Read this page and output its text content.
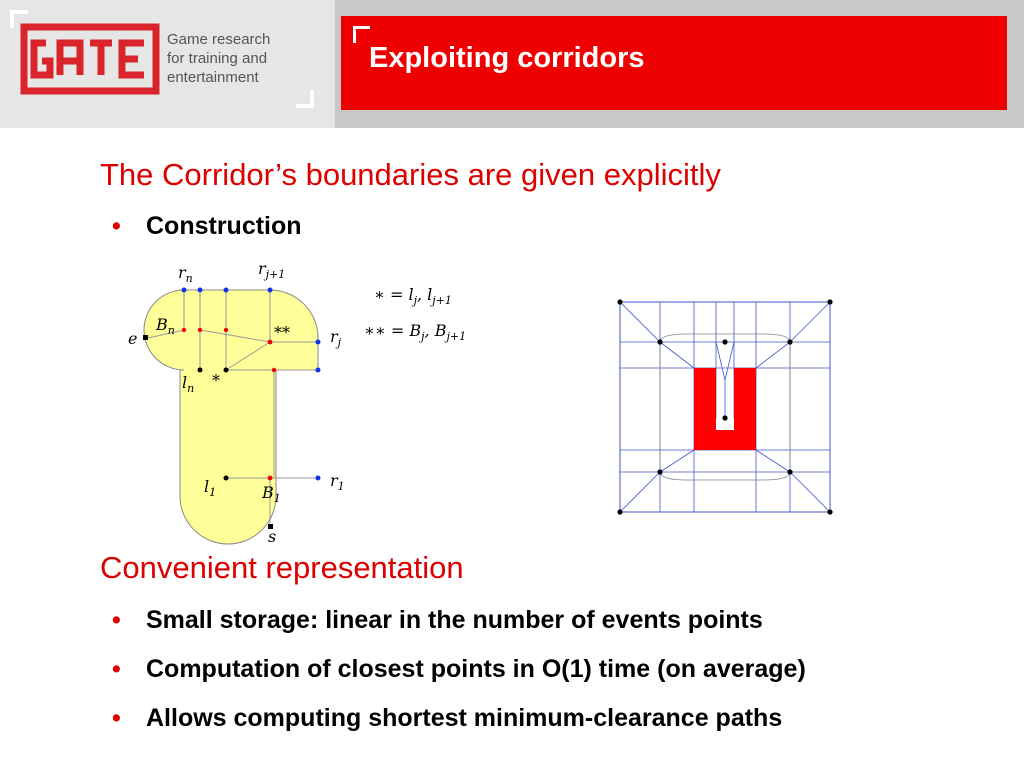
Game research
for training and
entertainment
Exploiting corridors
The Corridor’s boundaries are given explicitly
• Construction
$r_n$
$r_{j+1}$
$B_n$
e	**	$r_j$
$l_n$ *
$l_1$
$r_1$
$B_1$
s
∗ = $l_j$, $l_{j+1}$
∗∗ = $B_j$, $B_{j+1}$
Convenient representation
• Small storage: linear in the number of events points
• Computation of closest points in O(1) time (on average)
• Allows computing shortest minimum-clearance paths
